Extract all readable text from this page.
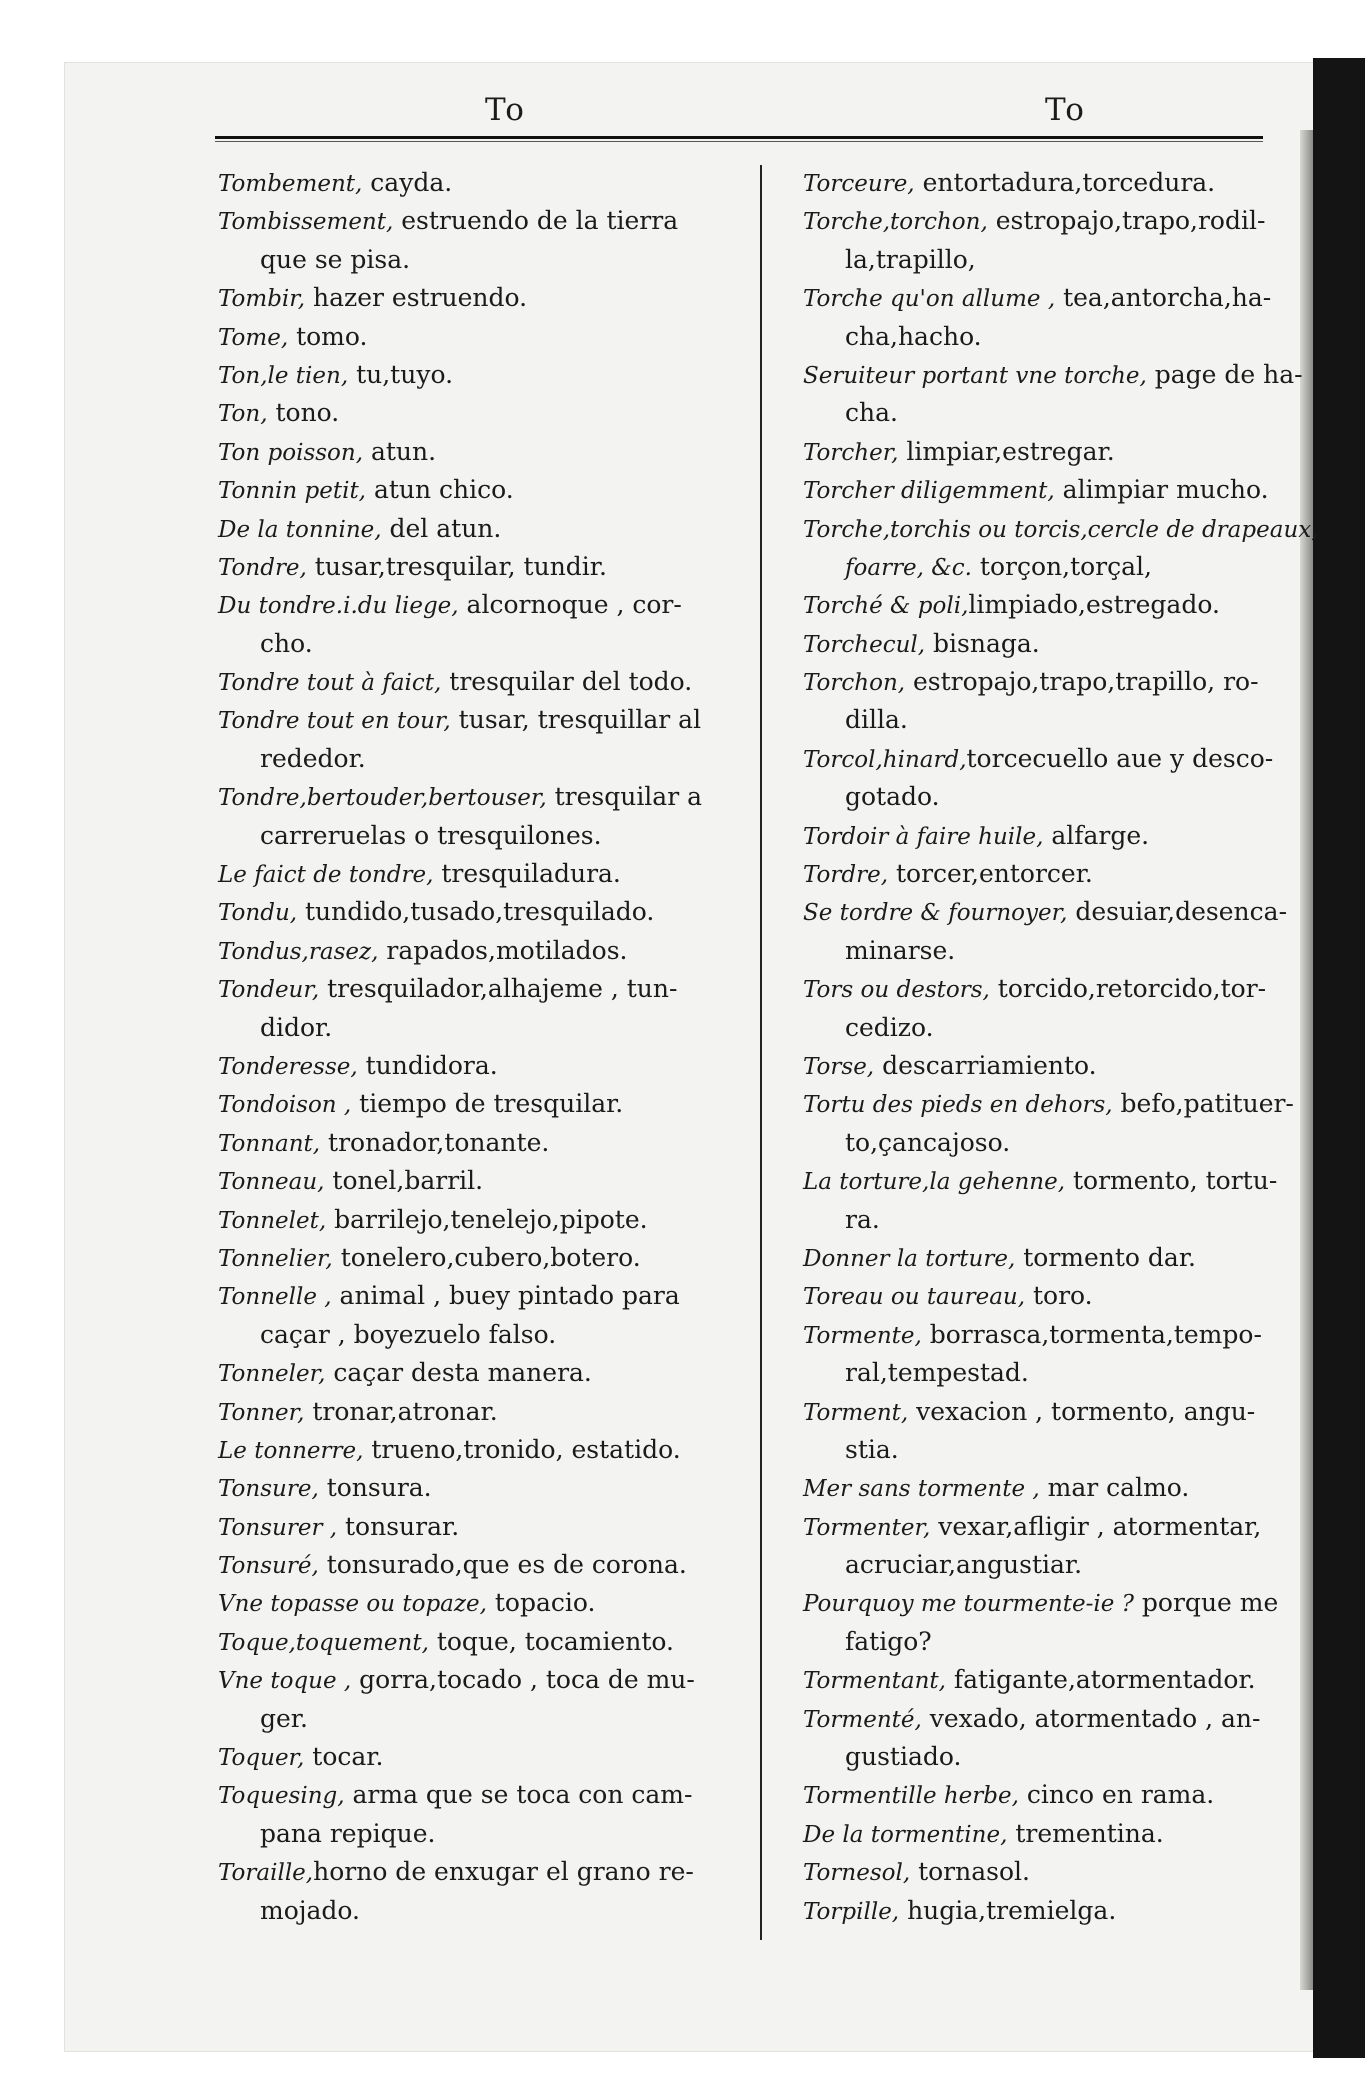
To	To
Tombement, cayda.
Tombissement, estruendo de la tierra
que se pisa.
Tombir, hazer estruendo.
Tome, tomo.
Ton,le tien, tu,tuyo.
Ton, tono.
Ton poisson, atun.
Tonnin petit, atun chico.
De la tonnine, del atun.
Tondre, tusar,tresquilar, tundir.
Du tondre.i.du liege, alcornoque , cor-
cho.
Tondre tout à faict, tresquilar del todo.
Tondre tout en tour, tusar, tresquillar al
rededor.
Tondre,bertouder,bertouser, tresquilar a
carreruelas o tresquilones.
Le faict de tondre, tresquiladura.
Tondu, tundido,tusado,tresquilado.
Tondus,rasez, rapados,motilados.
Tondeur, tresquilador,alhajeme , tun-
didor.
Tonderesse, tundidora.
Tondoison , tiempo de tresquilar.
Tonnant, tronador,tonante.
Tonneau, tonel,barril.
Tonnelet, barrilejo,tenelejo,pipote.
Tonnelier, tonelero,cubero,botero.
Tonnelle , animal , buey pintado para
caçar , boyezuelo falso.
Tonneler, caçar desta manera.
Tonner, tronar,atronar.
Le tonnerre, trueno,tronido, estatido.
Tonsure, tonsura.
Tonsurer , tonsurar.
Tonsuré, tonsurado,que es de corona.
Vne topasse ou topaze, topacio.
Toque,toquement, toque, tocamiento.
Vne toque , gorra,tocado , toca de mu-
ger.
Toquer, tocar.
Toquesing, arma que se toca con cam-
pana repique.
Toraille,horno de enxugar el grano re-
mojado.
Torceure, entortadura,torcedura.
Torche,torchon, estropajo,trapo,rodil-
la,trapillo,
Torche qu'on allume , tea,antorcha,ha-
cha,hacho.
Seruiteur portant vne torche, page de ha-
cha.
Torcher, limpiar,estregar.
Torcher diligemment, alimpiar mucho.
Torche,torchis ou torcis,cercle de drapeaux,
foarre, &c. torçon,torçal,
Torché & poli,limpiado,estregado.
Torchecul, bisnaga.
Torchon, estropajo,trapo,trapillo, ro-
dilla.
Torcol,hinard,torcecuello aue y desco-
gotado.
Tordoir à faire huile, alfarge.
Tordre, torcer,entorcer.
Se tordre & fournoyer, desuiar,desenca-
minarse.
Tors ou destors, torcido,retorcido,tor-
cedizo.
Torse, descarriamiento.
Tortu des pieds en dehors, befo,patituer-
to,çancajoso.
La torture,la gehenne, tormento, tortu-
ra.
Donner la torture, tormento dar.
Toreau ou taureau, toro.
Tormente, borrasca,tormenta,tempo-
ral,tempestad.
Torment, vexacion , tormento, angu-
stia.
Mer sans tormente , mar calmo.
Tormenter, vexar,afligir , atormentar,
acruciar,angustiar.
Pourquoy me tourmente-ie ? porque me
fatigo?
Tormentant, fatigante,atormentador.
Tormenté, vexado, atormentado , an-
gustiado.
Tormentille herbe, cinco en rama.
De la tormentine, trementina.
Tornesol, tornasol.
Torpille, hugia,tremielga.
